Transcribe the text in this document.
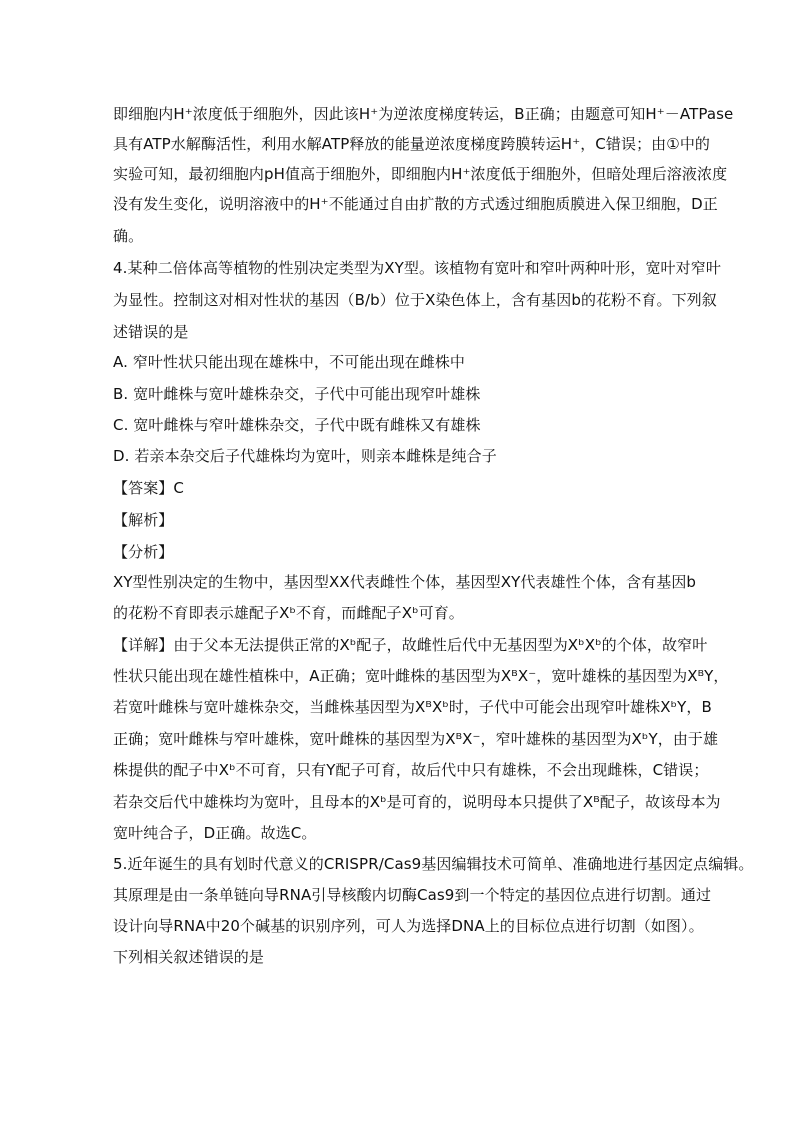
即细胞内H⁺浓度低于细胞外，因此该H⁺为逆浓度梯度转运，B正确；由题意可知H⁺－ATPase
具有ATP水解酶活性，利用水解ATP释放的能量逆浓度梯度跨膜转运H⁺，C错误；由①中的
实验可知，最初细胞内pH值高于细胞外，即细胞内H⁺浓度低于细胞外，但暗处理后溶液浓度
没有发生变化，说明溶液中的H⁺不能通过自由扩散的方式透过细胞质膜进入保卫细胞，D正
确。
4.某种二倍体高等植物的性别决定类型为XY型。该植物有宽叶和窄叶两种叶形，宽叶对窄叶
为显性。控制这对相对性状的基因（B/b）位于X染色体上，含有基因b的花粉不育。下列叙
述错误的是
A. 窄叶性状只能出现在雄株中，不可能出现在雌株中
B. 宽叶雌株与宽叶雄株杂交，子代中可能出现窄叶雄株
C. 宽叶雌株与窄叶雄株杂交，子代中既有雌株又有雄株
D. 若亲本杂交后子代雄株均为宽叶，则亲本雌株是纯合子
【答案】C
【解析】
【分析】
XY型性别决定的生物中，基因型XX代表雌性个体，基因型XY代表雄性个体，含有基因b
的花粉不育即表示雄配子Xᵇ不育，而雌配子Xᵇ可育。
【详解】由于父本无法提供正常的Xᵇ配子，故雌性后代中无基因型为XᵇXᵇ的个体，故窄叶
性状只能出现在雄性植株中，A正确；宽叶雌株的基因型为XᴮX⁻，宽叶雄株的基因型为XᴮY，
若宽叶雌株与宽叶雄株杂交，当雌株基因型为XᴮXᵇ时，子代中可能会出现窄叶雄株XᵇY，B
正确；宽叶雌株与窄叶雄株，宽叶雌株的基因型为XᴮX⁻，窄叶雄株的基因型为XᵇY，由于雄
株提供的配子中Xᵇ不可育，只有Y配子可育，故后代中只有雄株，不会出现雌株，C错误；
若杂交后代中雄株均为宽叶，且母本的Xᵇ是可育的，说明母本只提供了Xᴮ配子，故该母本为
宽叶纯合子，D正确。故选C。
5.近年诞生的具有划时代意义的CRISPR/Cas9基因编辑技术可简单、准确地进行基因定点编辑。
其原理是由一条单链向导RNA引导核酸内切酶Cas9到一个特定的基因位点进行切割。通过
设计向导RNA中20个碱基的识别序列，可人为选择DNA上的目标位点进行切割（如图）。
下列相关叙述错误的是
